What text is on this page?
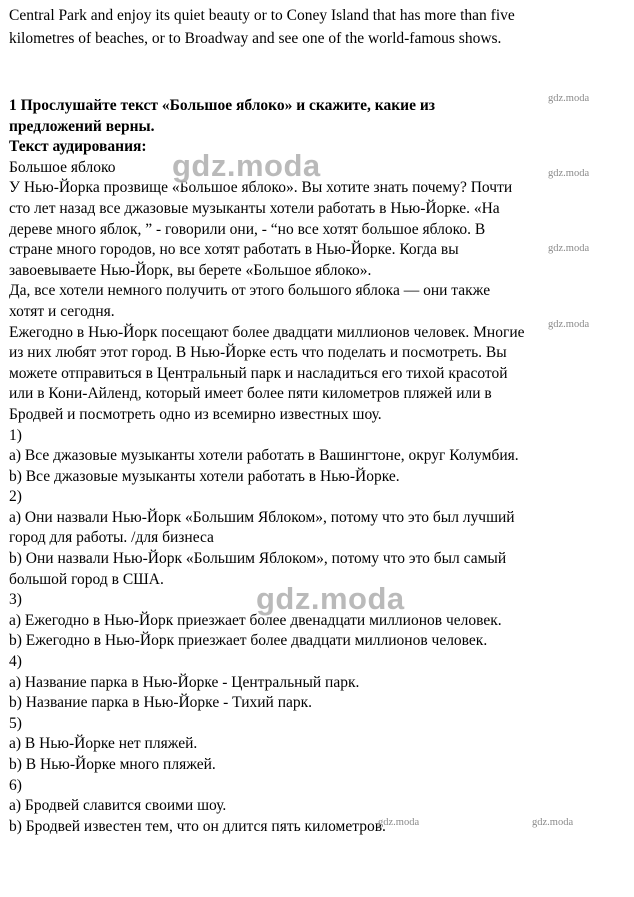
Central Park and enjoy its quiet beauty or to Coney Island that has more than five
kilometres of beaches, or to Broadway and see one of the world-famous shows.
1 Прослушайте текст «Большое яблоко» и скажите, какие из
предложений верны.
Текст аудирования:
Большое яблоко
У Нью-Йорка прозвище «Большое яблоко». Вы хотите знать почему? Почти
сто лет назад все джазовые музыканты хотели работать в Нью-Йорке. «На
дереве много яблок, ” - говорили они, - “но все хотят большое яблоко. В
стране много городов, но все хотят работать в Нью-Йорке. Когда вы
завоевываете Нью-Йорк, вы берете «Большое яблоко».
Да, все хотели немного получить от этого большого яблока — они также
хотят и сегодня.
Ежегодно в Нью-Йорк посещают более двадцати миллионов человек. Многие
из них любят этот город. В Нью-Йорке есть что поделать и посмотреть. Вы
можете отправиться в Центральный парк и насладиться его тихой красотой
или в Кони-Айленд, который имеет более пяти километров пляжей или в
Бродвей и посмотреть одно из всемирно известных шоу.
1)
a) Все джазовые музыканты хотели работать в Вашингтоне, округ Колумбия.
b) Все джазовые музыканты хотели работать в Нью-Йорке.
2)
a) Они назвали Нью-Йорк «Большим Яблоком», потому что это был лучший
город для работы. /для бизнеса
b) Они назвали Нью-Йорк «Большим Яблоком», потому что это был самый
большой город в США.
3)
a) Ежегодно в Нью-Йорк приезжает более двенадцати миллионов человек.
b) Ежегодно в Нью-Йорк приезжает более двадцати миллионов человек.
4)
a) Название парка в Нью-Йорке - Центральный парк.
b) Название парка в Нью-Йорке - Тихий парк.
5)
a) В Нью-Йорке нет пляжей.
b) В Нью-Йорке много пляжей.
6)
a) Бродвей славится своими шоу.
b) Бродвей известен тем, что он длится пять километров.
gdz.moda
gdz.moda
gdz.moda
gdz.moda
gdz.moda	gdz.moda
gdz.moda
gdz.moda
